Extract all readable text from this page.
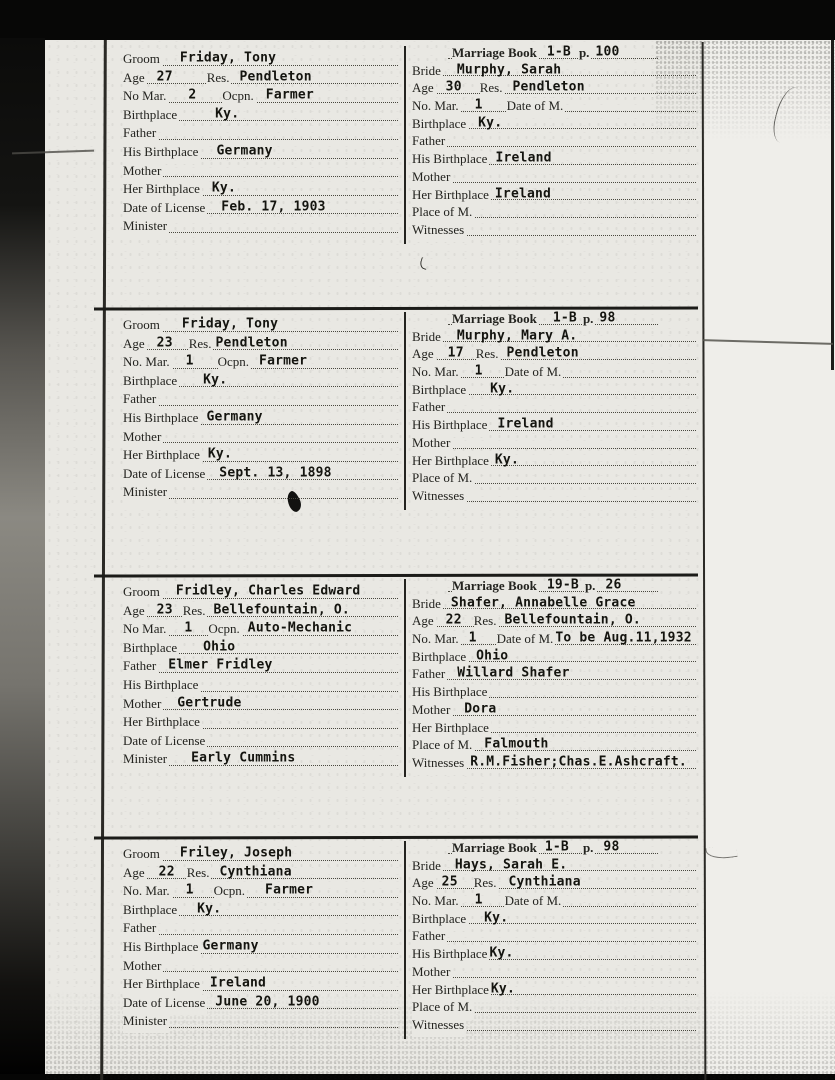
Groom Friday, Tony
Age 27	Res. Pendleton
No Mar. 2 Ocpn. Farmer
Birthplace	Ky.
Father
His Birthplace Germany
Mother
Her Birthplace Ky.
Date of License Feb. 17, 1903
Minister
Marriage Book 1-B p. 100
Bride Murphy, Sarah
Age 30 Res. Pendleton
No. Mar. 1 Date of M.
Birthplace Ky.
Father
His Birthplace Ireland
Mother
Her Birthplace Ireland
Place of M.
Witnesses
Groom Friday, Tony
Age 23 Res. Pendleton
No. Mar. 1 Ocpn. Farmer
Birthplace Ky.
Father
His Birthplace Germany
Mother
Her Birthplace Ky.
Date of License Sept. 13, 1898
Minister
Marriage Book 1-B p. 98
Bride Murphy, Mary A.
Age 17 Res. Pendleton
No. Mar. 1 Date of M.
Birthplace Ky.
Father
His Birthplace Ireland
Mother
Her Birthplace Ky.
Place of M.
Witnesses
Groom Fridley, Charles Edward
Age 23 Res. Bellefountain, O.
No Mar. 1 Ocpn. Auto-Mechanic
Birthplace Ohio
Father Elmer Fridley
His Birthplace
Mother Gertrude
Her Birthplace
Date of License
Minister Early Cummins
Marriage Book 19-B p. 26
Bride Shafer, Annabelle Grace
Age 22 Res. Bellefountain, O.
No. Mar. 1 Date of M. To be Aug.11,1932
Birthplace Ohio
Father Willard Shafer
His Birthplace
Mother Dora
Her Birthplace
Place of M. Falmouth
Witnesses R.M.Fisher;Chas.E.Ashcraft.
Groom Friley, Joseph
Age 22 Res. Cynthiana
No. Mar. 1 Ocpn. Farmer
Birthplace Ky.
Father
His Birthplace Germany
Mother
Her Birthplace Ireland
Date of License June 20, 1900
Minister
Marriage Book 1-B p. 98
Bride Hays, Sarah E.
Age 25 Res. Cynthiana
No. Mar. 1 Date of M.
Birthplace Ky.
Father
His Birthplace Ky.
Mother
Her Birthplace Ky.
Place of M.
Witnesses
